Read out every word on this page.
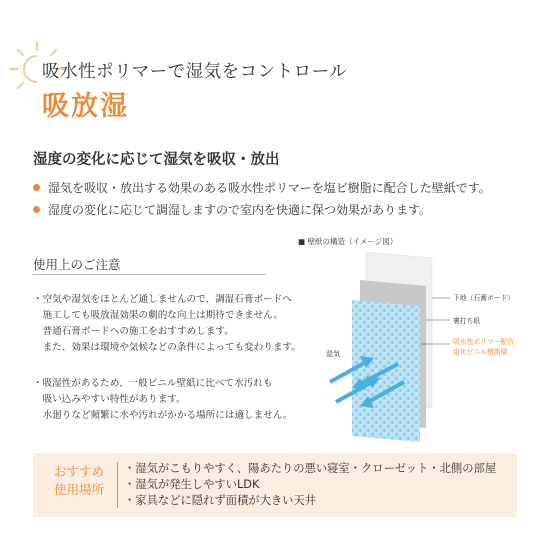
吸水性ポリマーで湿気をコントロール
吸放湿
湿度の変化に応じて湿気を吸収・放出
湿気を吸収・放出する効果のある吸水性ポリマーを塩ビ樹脂に配合した壁紙です。
湿度の変化に応じて調湿しますので室内を快適に保つ効果があります。
使用上のご注意
・空気や湿気をほとんど通しませんので、調湿石膏ボードへ
　施工しても吸放湿効果の劇的な向上は期待できません。
　普通石膏ボードへの施工をおすすめします。
　また、効果は環境や気候などの条件によっても変わります。
・吸湿性があるため、一般ビニル壁紙に比べて水汚れも
　吸い込みやすい特性があります。
　水廻りなど頻繁に水や汚れがかかる場所には適しません。
■ 壁紙の構造（イメージ図）
下地（石膏ボード）
裏打ち紙
吸水性ポリマー配合
塩化ビニル樹脂層
湿気
おすすめ
使用場所
・湿気がこもりやすく、陽あたりの悪い寝室・クローゼット・北側の部屋
・湿気が発生しやすいLDK
・家具などに隠れず面積が大きい天井
